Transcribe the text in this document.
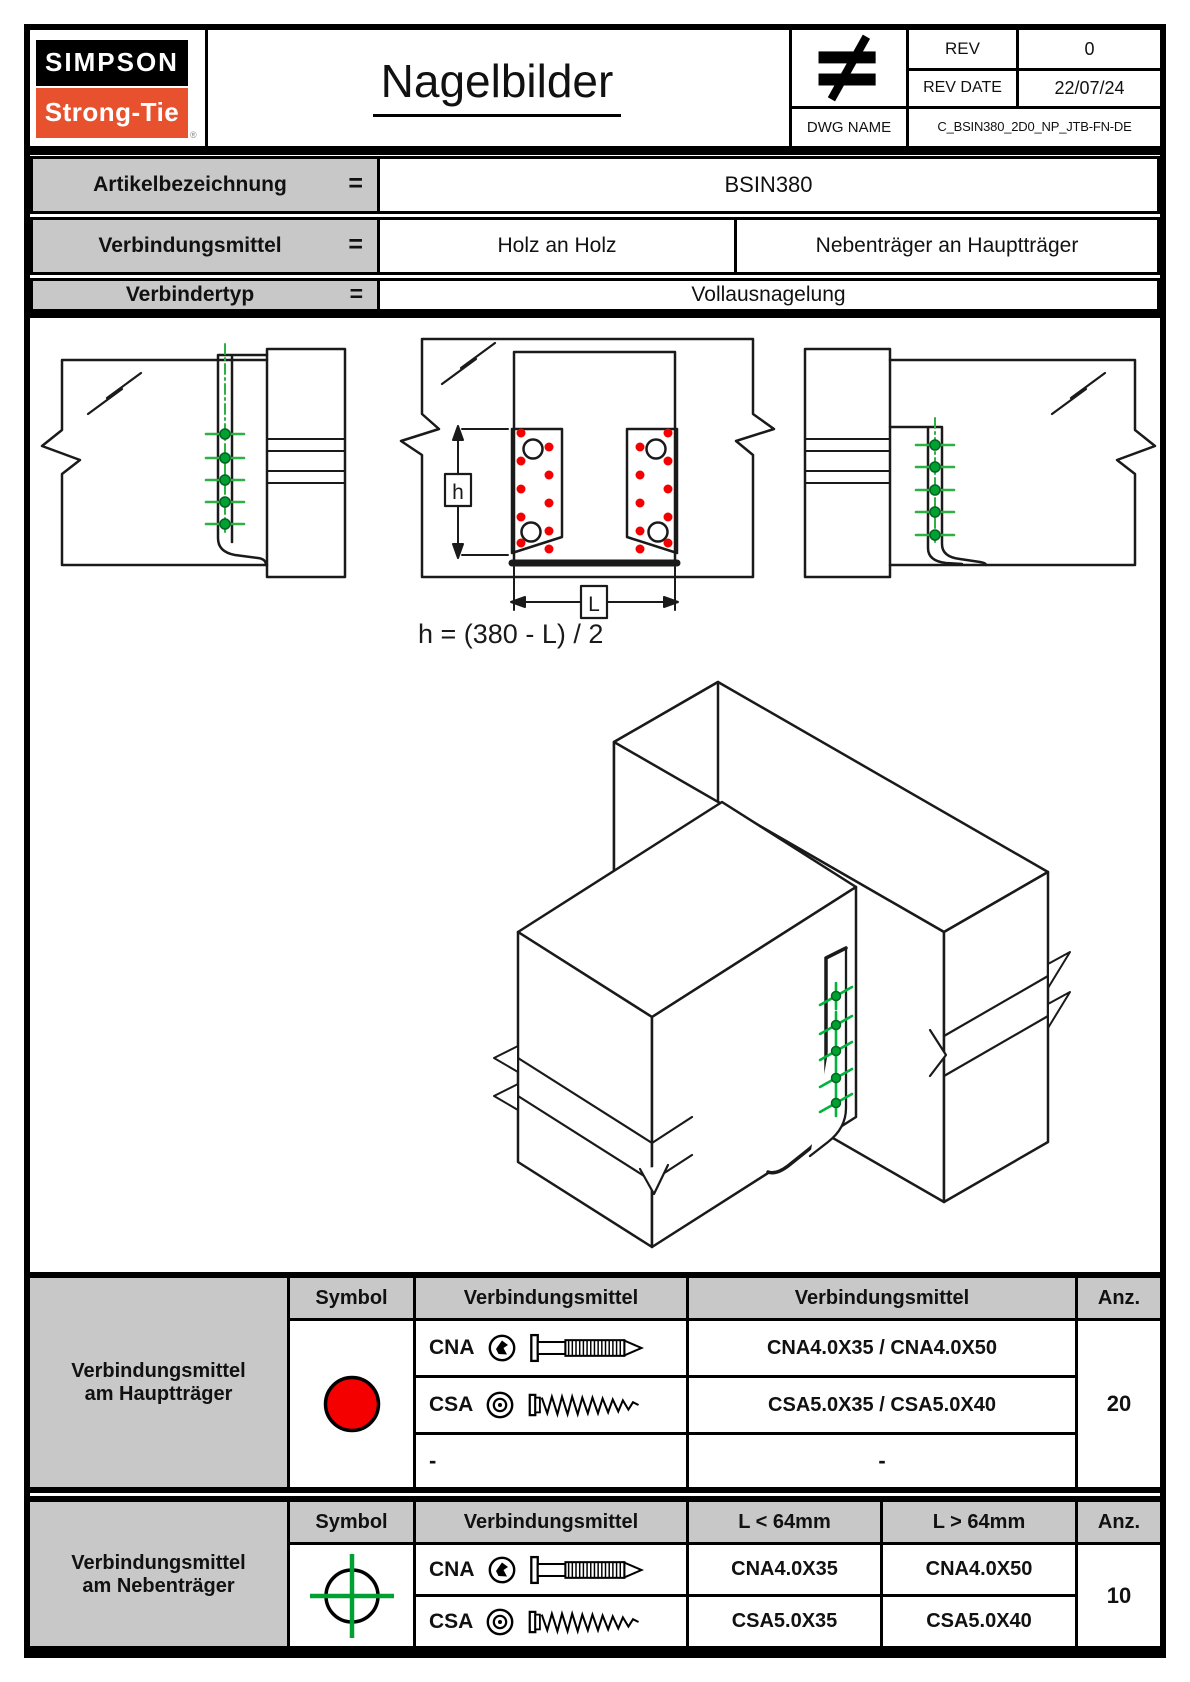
SIMPSON
Strong-Tie
®
Nagelbilder
REV	0
REV DATE	22/07/24
DWG NAME	C_BSIN380_2D0_NP_JTB-FN-DE
Artikelbezeichnung =	BSIN380
Verbindungsmittel	=	Holz an Holz	Nebenträger an Hauptträger
Verbindertyp	=	Vollausnagelung
h
L
h = (380 - L) / 2
Symbol	Verbindungsmittel	Verbindungsmittel	Anz.
Verbindungsmittel
am Hauptträger
CNA	CNA4.0X35 / CNA4.0X50
CSA	CSA5.0X35 / CSA5.0X40
-	-
20
Symbol	Verbindungsmittel	L < 64mm	L > 64mm	Anz.
Verbindungsmittel
am Nebenträger
CNA	CNA4.0X35	CNA4.0X50
CSA	CSA5.0X35	CSA5.0X40
10
